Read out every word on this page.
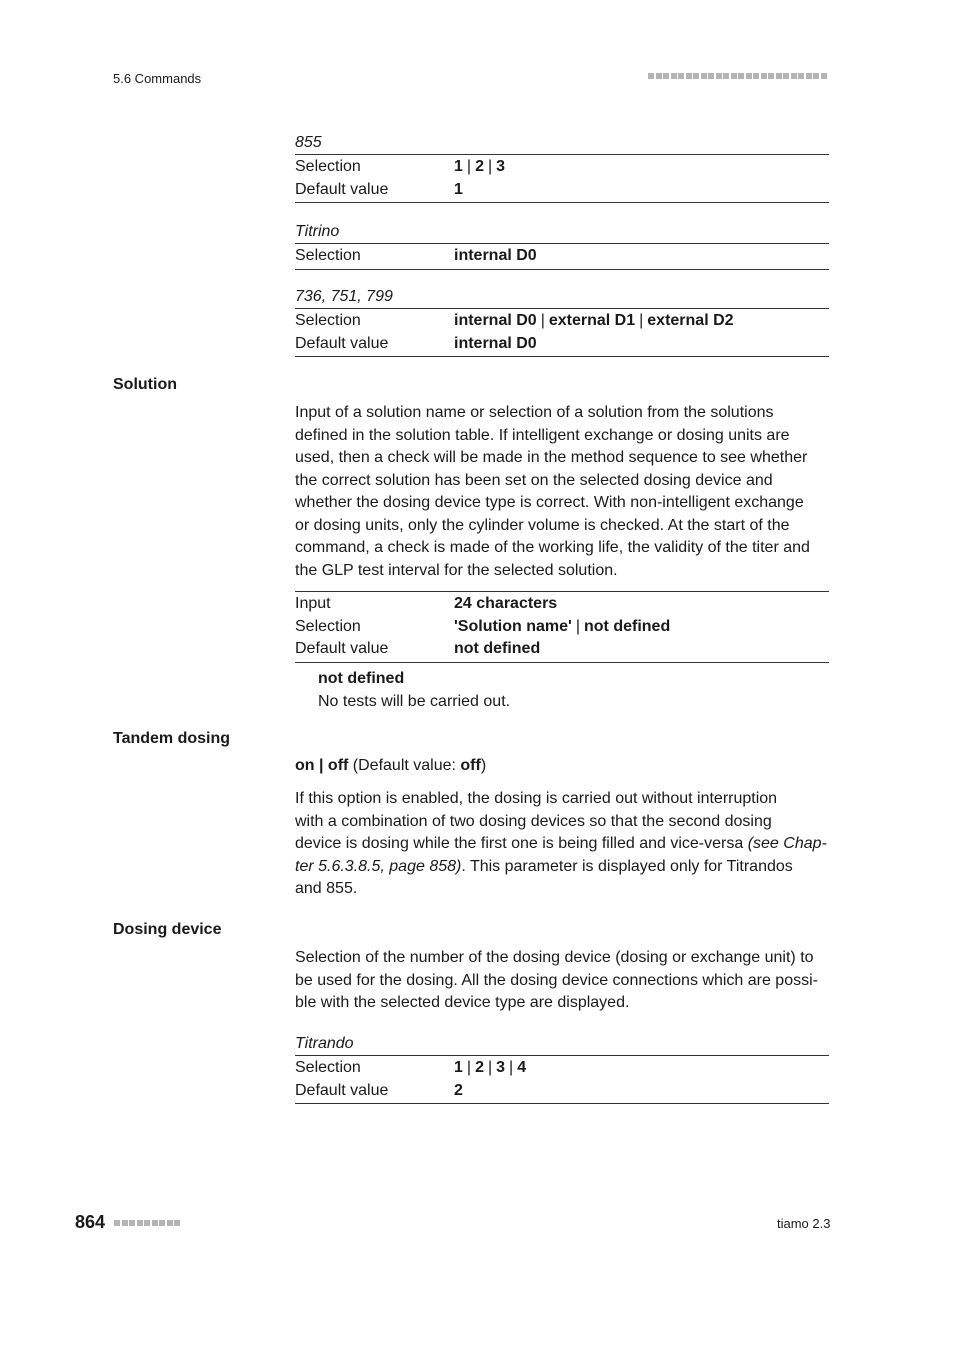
5.6 Commands
855
Selection	1 | 2 | 3
Default value	1
Titrino
Selection	internal D0
736, 751, 799
Selection	internal D0 | external D1 | external D2
Default value	internal D0
Solution
Input of a solution name or selection of a solution from the solutions
defined in the solution table. If intelligent exchange or dosing units are
used, then a check will be made in the method sequence to see whether
the correct solution has been set on the selected dosing device and
whether the dosing device type is correct. With non-intelligent exchange
or dosing units, only the cylinder volume is checked. At the start of the
command, a check is made of the working life, the validity of the titer and
the GLP test interval for the selected solution.
Input	24 characters
Selection	'Solution name' | not defined
Default value	not defined
not defined
No tests will be carried out.
Tandem dosing
on | off (Default value: off)
If this option is enabled, the dosing is carried out without interruption
with a combination of two dosing devices so that the second dosing
device is dosing while the first one is being filled and vice-versa (see Chap-
ter 5.6.3.8.5, page 858). This parameter is displayed only for Titrandos
and 855.
Dosing device
Selection of the number of the dosing device (dosing or exchange unit) to
be used for the dosing. All the dosing device connections which are possi-
ble with the selected device type are displayed.
Titrando
Selection	1 | 2 | 3 | 4
Default value	2
864	tiamo 2.3
